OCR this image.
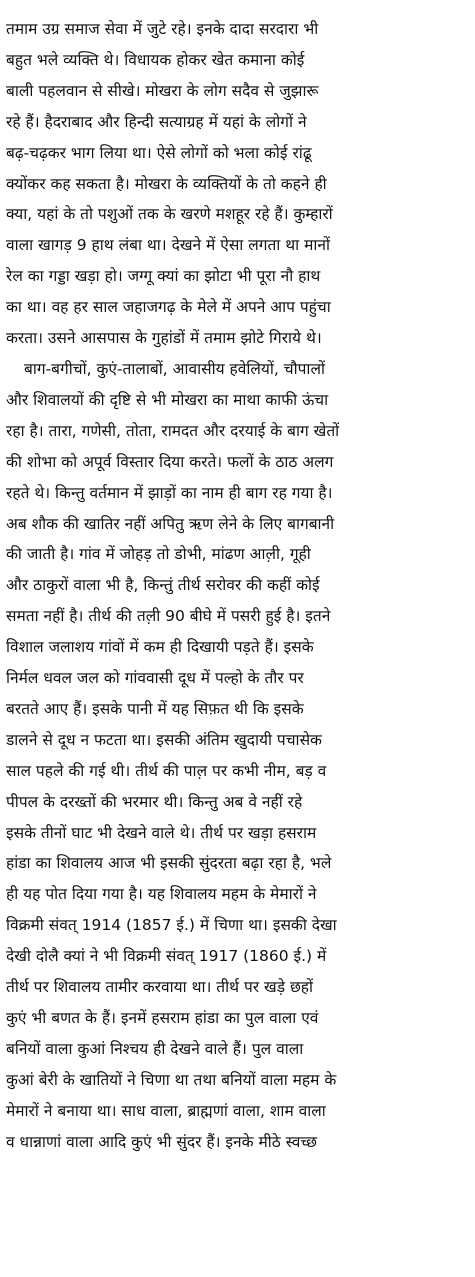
तमाम उग्र समाज सेवा में जुटे रहे। इनके दादा सरदारा भी
बहुत भले व्यक्ति थे। विधायक होकर खेत कमाना कोई
बाली पहलवान से सीखे। मोखरा के लोग सदैव से जुझारू
रहे हैं। हैदराबाद और हिन्दी सत्याग्रह में यहां के लोगों ने
बढ़-चढ़कर भाग लिया था। ऐसे लोगों को भला कोई रांढू
क्योंकर कह सकता है। मोखरा के व्यक्तियों के तो कहने ही
क्या, यहां के तो पशुओं तक के खरणे मशहूर रहे हैं। कुम्हारों
वाला खागड़ 9 हाथ लंबा था। देखने में ऐसा लगता था मानों
रेल का गड्डा खड़ा हो। जग्गू क्यां का झोटा भी पूरा नौ हाथ
का था। वह हर साल जहाजगढ़ के मेले में अपने आप पहुंचा
करता। उसने आसपास के गुहांडों में तमाम झोटे गिराये थे।

बाग-बगीचों, कुएं-तालाबों, आवासीय हवेलियों, चौपालों
और शिवालयों की दृष्टि से भी मोखरा का माथा काफी ऊंचा
रहा है। तारा, गणेसी, तोता, रामदत और दरयाई के बाग खेतों
की शोभा को अपूर्व विस्तार दिया करते। फलों के ठाठ अलग
रहते थे। किन्तु वर्तमान में झाड़ों का नाम ही बाग रह गया है।
अब शौक की खातिर नहीं अपितु ऋण लेने के लिए बागबानी
की जाती है। गांव में जोहड़ तो डोभी, मांढण आल़ी, गूही
और ठाकुरों वाला भी है, किन्तुं तीर्थ सरोवर की कहीं कोई
समता नहीं है। तीर्थ की तल़ी 90 बीघे में पसरी हुई है। इतने
विशाल जलाशय गांवों में कम ही दिखायी पड़ते हैं। इसके
निर्मल धवल जल को गांववासी दूध में पल्हो के तौर पर
बरतते आए हैं। इसके पानी में यह सिफ़त थी कि इसके
डालने से दूध न फटता था। इसकी अंतिम खुदायी पचासेक
साल पहले की गई थी। तीर्थ की पाल़ पर कभी नीम, बड़ व
पीपल के दरख्तों की भरमार थी। किन्तु अब वे नहीं रहे
इसके तीनों घाट भी देखने वाले थे। तीर्थ पर खड़ा हसराम
हांडा का शिवालय आज भी इसकी सुंदरता बढ़ा रहा है, भले
ही यह पोत दिया गया है। यह शिवालय महम के मेमारों ने
विक्रमी संवत् 1914 (1857 ई.) में चिणा था। इसकी देखा
देखी दोलै क्यां ने भी विक्रमी संवत् 1917 (1860 ई.) में
तीर्थ पर शिवालय तामीर करवाया था। तीर्थ पर खड़े छहों
कुएं भी बणत के हैं। इनमें हसराम हांडा का पुल वाला एवं
बनियों वाला कुआं निश्चय ही देखने वाले हैं। पुल वाला
कुआं बेरी के खातियों ने चिणा था तथा बनियों वाला महम के
मेमारों ने बनाया था। साध वाला, ब्राह्मणां वाला, शाम वाला
व धान्नाणां वाला आदि कुएं भी सुंदर हैं। इनके मीठे स्वच्छ
